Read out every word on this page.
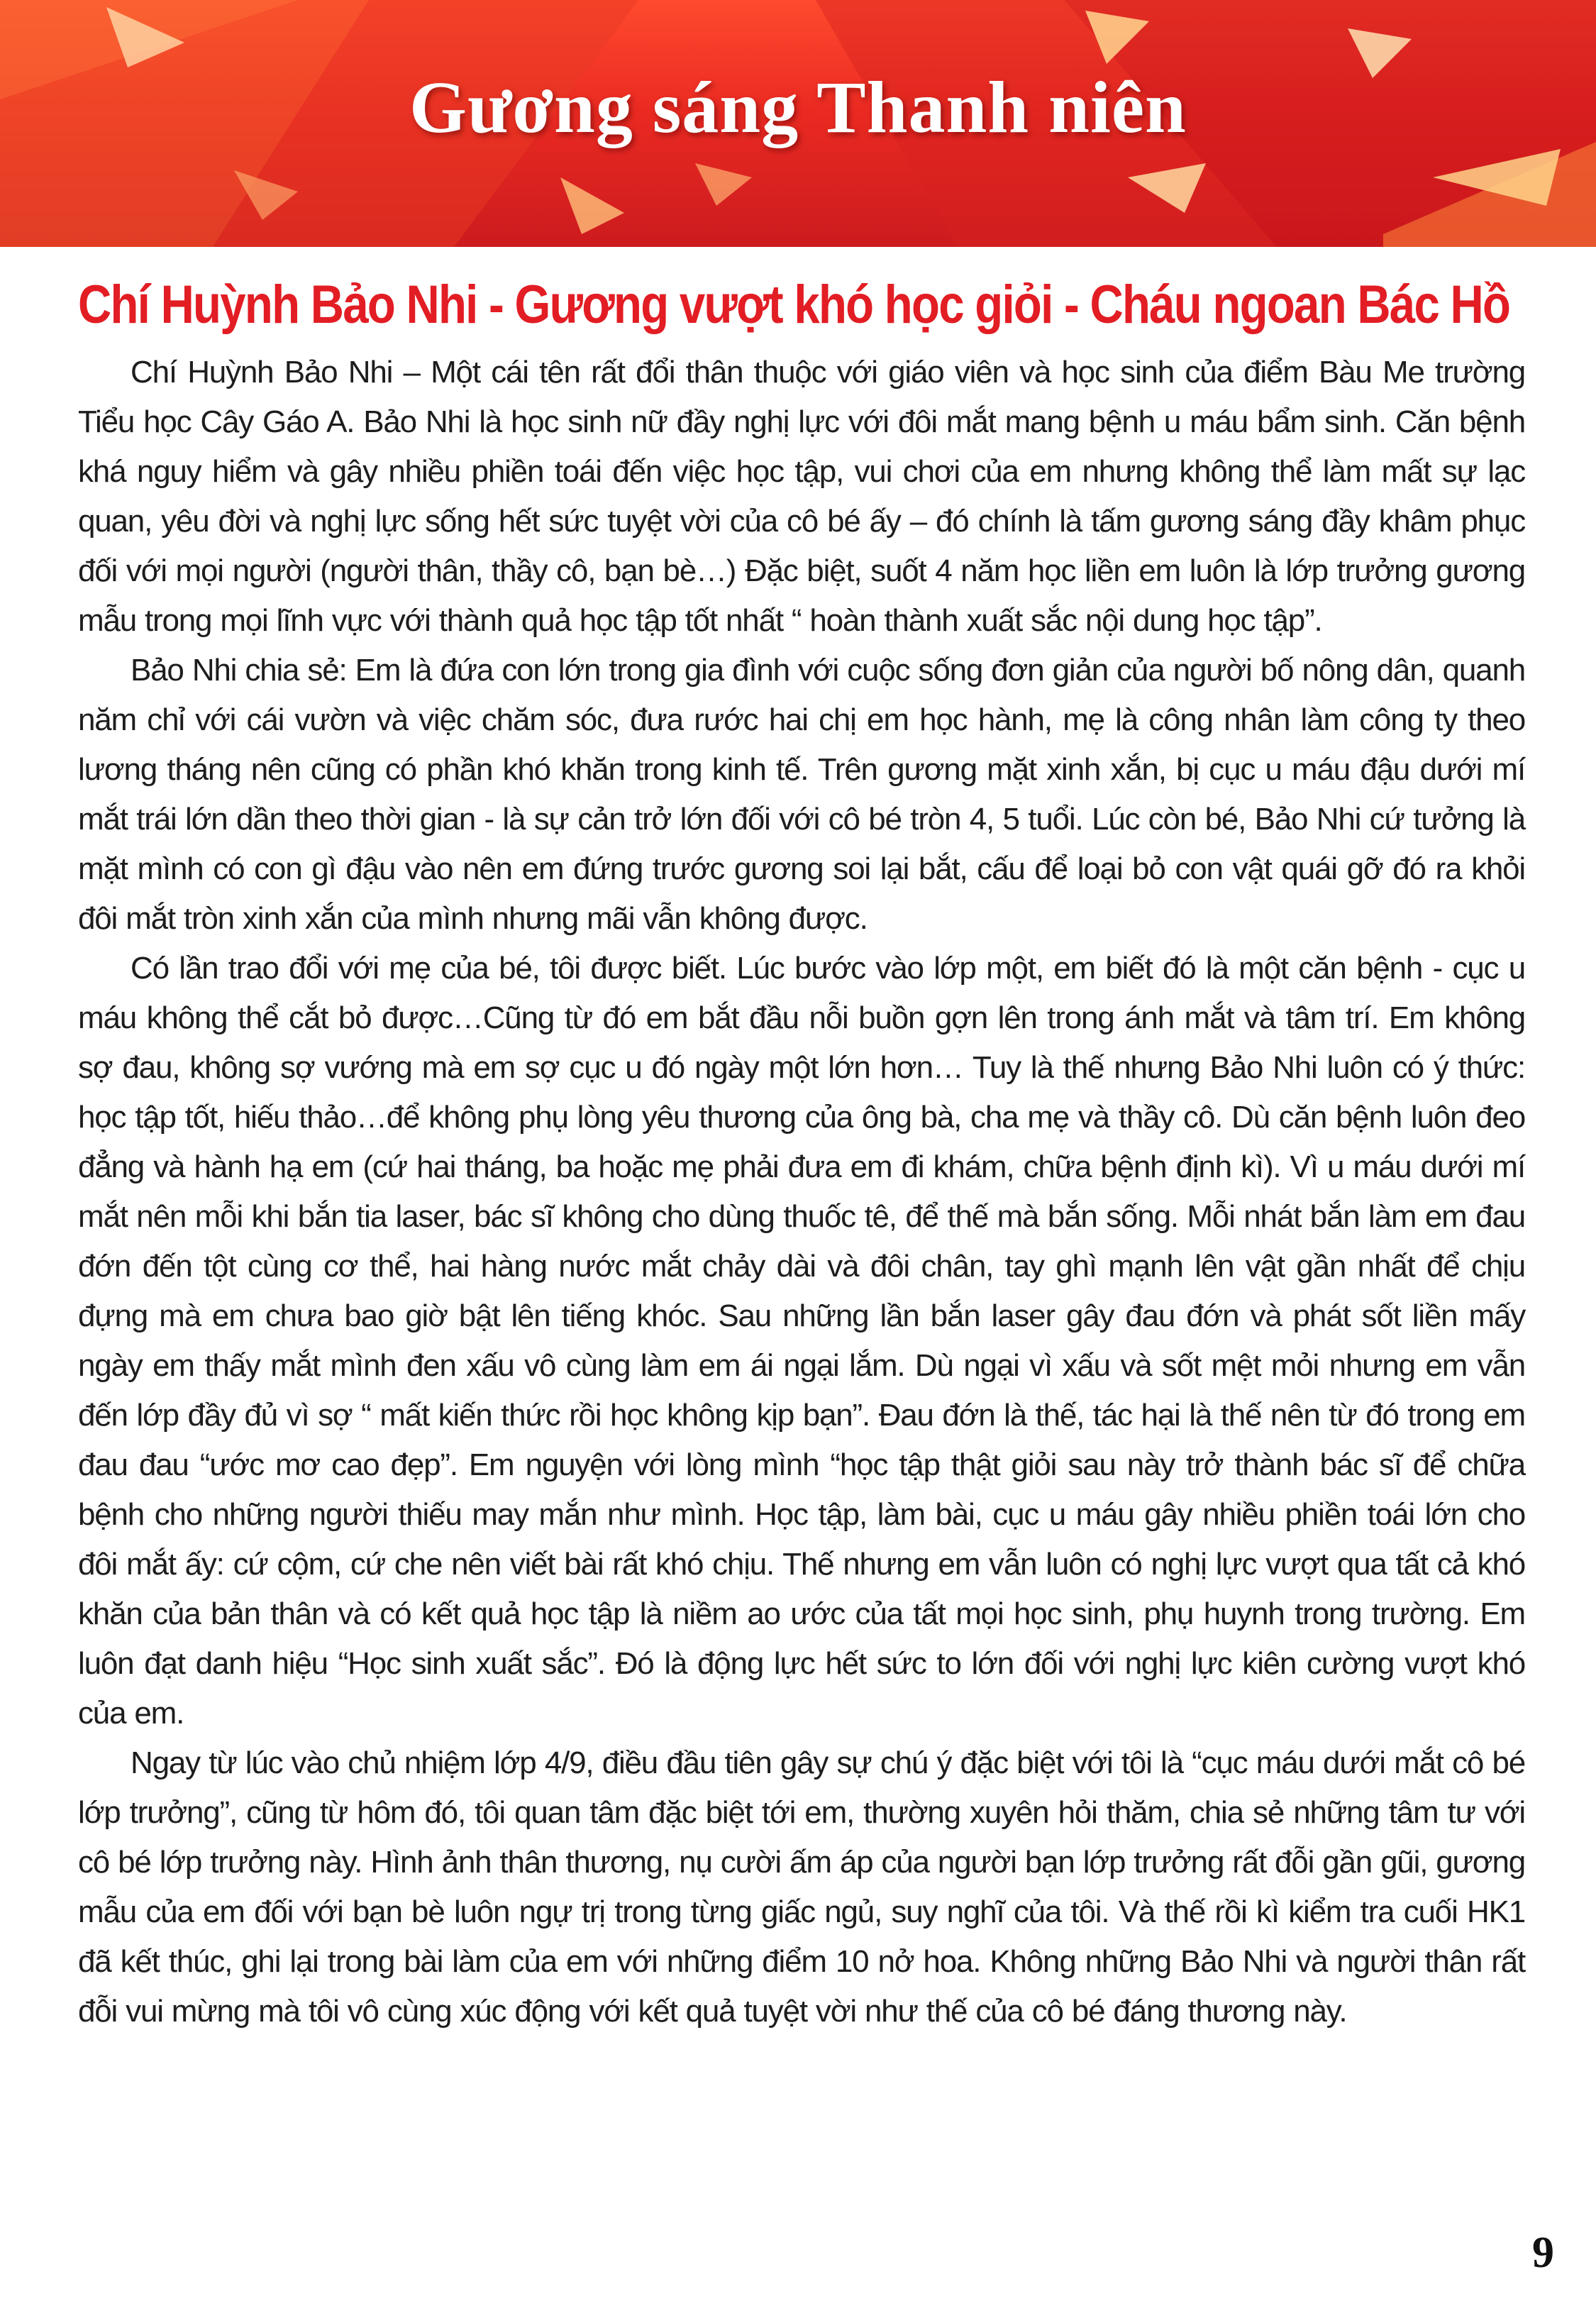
Gương sáng Thanh niên
Chí Huỳnh Bảo Nhi - Gương vượt khó học giỏi - Cháu ngoan Bác Hồ

Chí Huỳnh Bảo Nhi – Một cái tên rất đổi thân thuộc với giáo viên và học sinh của điểm Bàu Me trường Tiểu học Cây Gáo A. Bảo Nhi là học sinh nữ đầy nghị lực với đôi mắt mang bệnh u máu bẩm sinh. Căn bệnh khá nguy hiểm và gây nhiều phiền toái đến việc học tập, vui chơi của em nhưng không thể làm mất sự lạc quan, yêu đời và nghị lực sống hết sức tuyệt vời của cô bé ấy – đó chính là tấm gương sáng đầy khâm phục đối với mọi người (người thân, thầy cô, bạn bè…) Đặc biệt, suốt 4 năm học liền em luôn là lớp trưởng gương mẫu trong mọi lĩnh vực với thành quả học tập tốt nhất “ hoàn thành xuất sắc nội dung học tập”.

Bảo Nhi chia sẻ: Em là đứa con lớn trong gia đình với cuộc sống đơn giản của người bố nông dân, quanh năm chỉ với cái vườn và việc chăm sóc, đưa rước hai chị em học hành, mẹ là công nhân làm công ty theo lương tháng nên cũng có phần khó khăn trong kinh tế. Trên gương mặt xinh xắn, bị cục u máu đậu dưới mí mắt trái lớn dần theo thời gian - là sự cản trở lớn đối với cô bé tròn 4, 5 tuổi. Lúc còn bé, Bảo Nhi cứ tưởng là mặt mình có con gì đậu vào nên em đứng trước gương soi lại bắt, cấu để loại bỏ con vật quái gỡ đó ra khỏi đôi mắt tròn xinh xắn của mình nhưng mãi vẫn không được.

Có lần trao đổi với mẹ của bé, tôi được biết. Lúc bước vào lớp một, em biết đó là một căn bệnh - cục u máu không thể cắt bỏ được…Cũng từ đó em bắt đầu nỗi buồn gợn lên trong ánh mắt và tâm trí. Em không sợ đau, không sợ vướng mà em sợ cục u đó ngày một lớn hơn… Tuy là thế nhưng Bảo Nhi luôn có ý thức: học tập tốt, hiếu thảo…để không phụ lòng yêu thương của ông bà, cha mẹ và thầy cô. Dù căn bệnh luôn đeo đẳng và hành hạ em (cứ hai tháng, ba hoặc mẹ phải đưa em đi khám, chữa bệnh định kì). Vì u máu dưới mí mắt nên mỗi khi bắn tia laser, bác sĩ không cho dùng thuốc tê, để thế mà bắn sống. Mỗi nhát bắn làm em đau đớn đến tột cùng cơ thể, hai hàng nước mắt chảy dài và đôi chân, tay ghì mạnh lên vật gần nhất để chịu đựng mà em chưa bao giờ bật lên tiếng khóc. Sau những lần bắn laser gây đau đớn và phát sốt liền mấy ngày em thấy mắt mình đen xấu vô cùng làm em ái ngại lắm. Dù ngại vì xấu và sốt mệt mỏi nhưng em vẫn đến lớp đầy đủ vì sợ “ mất kiến thức rồi học không kịp bạn”. Đau đớn là thế, tác hại là thế nên từ đó trong em đau đau “ước mơ cao đẹp”. Em nguyện với lòng mình “học tập thật giỏi sau này trở thành bác sĩ để chữa bệnh cho những người thiếu may mắn như mình. Học tập, làm bài, cục u máu gây nhiều phiền toái lớn cho đôi mắt ấy: cứ cộm, cứ che nên viết bài rất khó chịu. Thế nhưng em vẫn luôn có nghị lực vượt qua tất cả khó khăn của bản thân và có kết quả học tập là niềm ao ước của tất mọi học sinh, phụ huynh trong trường. Em luôn đạt danh hiệu “Học sinh xuất sắc”. Đó là động lực hết sức to lớn đối với nghị lực kiên cường vượt khó của em.

Ngay từ lúc vào chủ nhiệm lớp 4/9, điều đầu tiên gây sự chú ý đặc biệt với tôi là “cục máu dưới mắt cô bé lớp trưởng”, cũng từ hôm đó, tôi quan tâm đặc biệt tới em, thường xuyên hỏi thăm, chia sẻ những tâm tư với cô bé lớp trưởng này. Hình ảnh thân thương, nụ cười ấm áp của người bạn lớp trưởng rất đỗi gần gũi, gương mẫu của em đối với bạn bè luôn ngự trị trong từng giấc ngủ, suy nghĩ của tôi. Và thế rồi kì kiểm tra cuối HK1 đã kết thúc, ghi lại trong bài làm của em với những điểm 10 nở hoa. Không những Bảo Nhi và người thân rất đỗi vui mừng mà tôi vô cùng xúc động với kết quả tuyệt vời như thế của cô bé đáng thương này.

9
